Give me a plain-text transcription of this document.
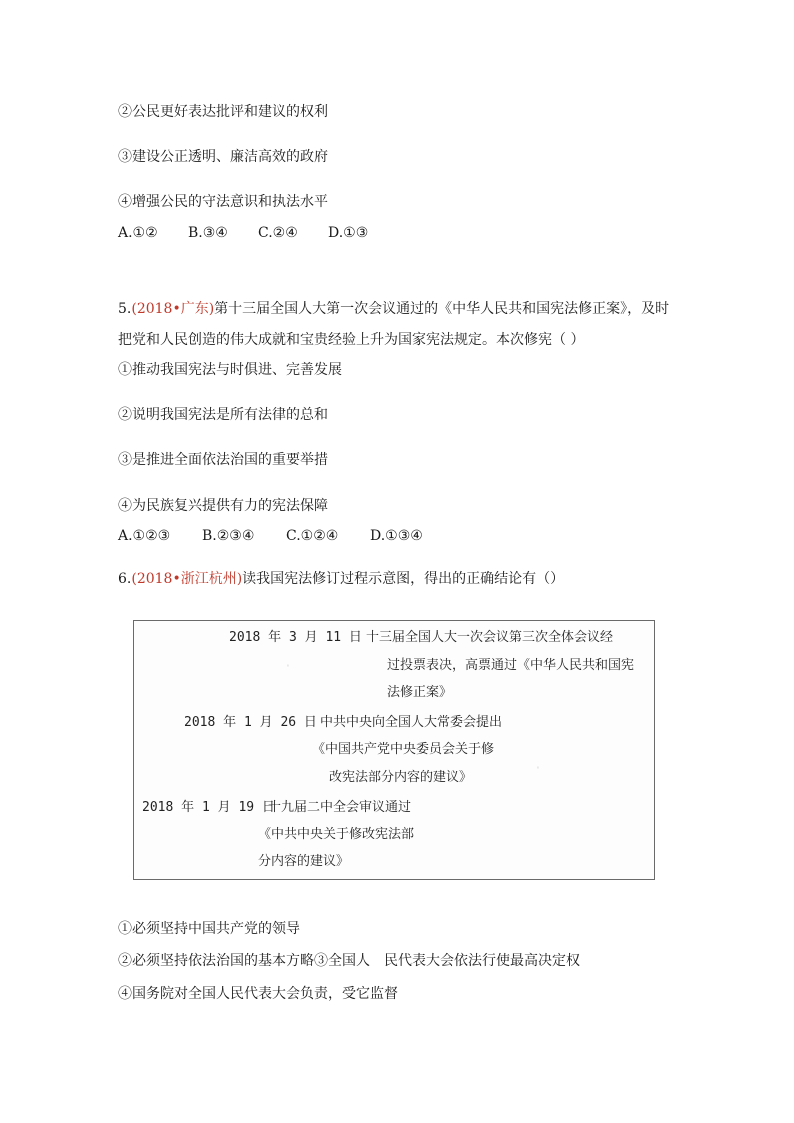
②公民更好表达批评和建议的权利
③建设公正透明、廉洁高效的政府
④增强公民的守法意识和执法水平
A.①② B.③④ C.②④ D.①③
5.(2018•广东)第十三届全国人大第一次会议通过的《中华人民共和国宪法修正案》，及时
把党和人民创造的伟大成就和宝贵经验上升为国家宪法规定。本次修宪（ ）
①推动我国宪法与时俱进、完善发展
②说明我国宪法是所有法律的总和
③是推进全面依法治国的重要举措
④为民族复兴提供有力的宪法保障
A.①②③ B.②③④ C.①②④ D.①③④
6.(2018•浙江杭州)读我国宪法修订过程示意图，得出的正确结论有（）
·
·
2018 年 3 月 11 日 十三届全国人大一次会议第三次全体会议经
过投票表决，高票通过《中华人民共和国宪
法修正案》
2018 年 1 月 26 日 中共中央向全国人大常委会提出
《中国共产党中央委员会关于修
改宪法部分内容的建议》
2018 年 1 月 19 日
十九届二中全会审议通过
《中共中央关于修改宪法部
分内容的建议》
①必须坚持中国共产党的领导
②必须坚持依法治国的基本方略③全国人　民代表大会依法行使最高决定权
④国务院对全国人民代表大会负责，受它监督
